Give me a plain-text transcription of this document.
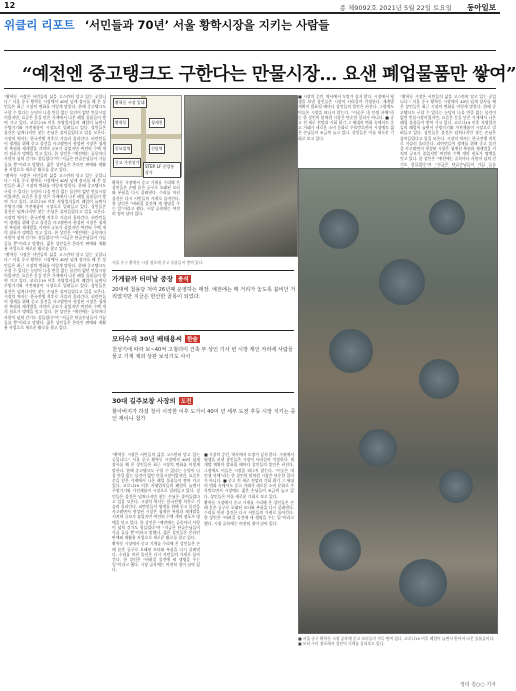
12	종 제9092호 2021년 5월 22일 토요일 동아일보
위클리 리포트 ‘서민들과 70년’ 서울 황학시장을 지키는 사람들
“예전엔 중고탱크도 구한다는 만물시장… 요샌 폐업물품만 쌓여”

“황학동 시장은 서민들의 삶을 고스란히 담고 있는 곳입니다.” 서울 중구 황학동 시장에서 40년 넘게 장사를 해 온 상인들은 최근 시장의 변화를 이렇게 말한다. 한때 중고탱크도 구할 수 있다는 농담이 나올 만큼 없는 물건이 없던 만물시장이었지만, 요즘은 문을 닫은 가게에서 나온 폐업 물품들이 쌓여 가고 있다. 코로나19 이후 자영업자들의 폐업이 늘면서 주방기기와 가전제품이 시장으로 밀려들고 있다. 상인들은 물건은 넘쳐나지만 찾는 손님은 줄어들었다고 입을 모은다. 시장의 역사는 한국전쟁 직후로 거슬러 올라간다. 피란민들이 생계를 위해 중고 물건을 사고팔면서 형성된 시장은 청계천 복원과 재개발을 거치며 규모가 줄었지만 여전히 수백 개의 점포가 명맥을 잇고 있다. 한 상인은 “예전에는 골목마다 사람이 넘쳐 걷기도 힘들었다”며 “지금은 단골손님들이 가끔 들를 뿐”이라고 말했다. 젊은 상인들은 온라인 판매와 재활용 사업으로 새로운 활로를 찾고 있다.

“황학동 시장은 서민들의 삶을 고스란히 담고 있는 곳입니다.” 서울 중구 황학동 시장에서 40년 넘게 장사를 해 온 상인들은 최근 시장의 변화를 이렇게 말한다. 한때 중고탱크도 구할 수 있다는 농담이 나올 만큼 없는 물건이 없던 만물시장이었지만, 요즘은 문을 닫은 가게에서 나온 폐업 물품들이 쌓여 가고 있다. 코로나19 이후 자영업자들의 폐업이 늘면서 주방기기와 가전제품이 시장으로 밀려들고 있다. 상인들은 물건은 넘쳐나지만 찾는 손님은 줄어들었다고 입을 모은다. 시장의 역사는 한국전쟁 직후로 거슬러 올라간다. 피란민들이 생계를 위해 중고 물건을 사고팔면서 형성된 시장은 청계천 복원과 재개발을 거치며 규모가 줄었지만 여전히 수백 개의 점포가 명맥을 잇고 있다. 한 상인은 “예전에는 골목마다 사람이 넘쳐 걷기도 힘들었다”며 “지금은 단골손님들이 가끔 들를 뿐”이라고 말했다. 젊은 상인들은 온라인 판매와 재활용 사업으로 새로운 활로를 찾고 있다.

“황학동 시장은 서민들의 삶을 고스란히 담고 있는 곳입니다.” 서울 중구 황학동 시장에서 40년 넘게 장사를 해 온 상인들은 최근 시장의 변화를 이렇게 말한다. 한때 중고탱크도 구할 수 있다는 농담이 나올 만큼 없는 물건이 없던 만물시장이었지만, 요즘은 문을 닫은 가게에서 나온 폐업 물품들이 쌓여 가고 있다. 코로나19 이후 자영업자들의 폐업이 늘면서 주방기기와 가전제품이 시장으로 밀려들고 있다. 상인들은 물건은 넘쳐나지만 찾는 손님은 줄어들었다고 입을 모은다. 시장의 역사는 한국전쟁 직후로 거슬러 올라간다. 피란민들이 생계를 위해 중고 물건을 사고팔면서 형성된 시장은 청계천 복원과 재개발을 거치며 규모가 줄었지만 여전히 수백 개의 점포가 명맥을 잇고 있다. 한 상인은 “예전에는 골목마다 사람이 넘쳐 걷기도 힘들었다”며 “지금은 단골손님들이 가끔 들를 뿐”이라고 말했다. 젊은 상인들은 온라인 판매와 재활용 사업으로 새로운 활로를 찾고 있다.

황학동 시장 일대
황학동	청계천
동묘앞역	신당역
중고 가전상가
STEP. LF 중앙통 상가
서울 중구 황학동 시장 점포에 중고 물품들이 쌓여 있다.

황학동 시장에서 중고 기계를 수리해 온 상인들은 손때 묻은 공구로 오래된 모터와 부품을 다시 살려낸다. 수리를 마친 물건은 다시 서민들의 가게로 돌아간다. 한 상인은 “버려질 물건에 새 생명을 주는 일”이라고 했다. 시장 골목에는 여전히 정이 남아 있다.

가게끝까 터미날 중장 충석
20대에 첨용당 처여 26년째 운영하는 매장. 예전에는 매 거리가 놓도록 붐비던 거리였지만 지금은 한산한 골목이 되었다.
모터수리 30년 배태용씨 한술
천성기에 따라 보~40억 고철더미 건축 부 상인 기사 빈 시장 재인 자리에 사람들 물고 기계 제외 상관 보석기도 사사
30대 길주보창 사장의 도전
할아버지가 하셨 청사 시작한 이후 도가이 40여 년 세부 도전 후등 시장 지키는 중인 재이니 첨가

“황학동 시장은 서민들의 삶을 고스란히 담고 있는 곳입니다.” 서울 중구 황학동 시장에서 40년 넘게 장사를 해 온 상인들은 최근 시장의 변화를 이렇게 말한다. 한때 중고탱크도 구할 수 있다는 농담이 나올 만큼 없는 물건이 없던 만물시장이었지만, 요즘은 문을 닫은 가게에서 나온 폐업 물품들이 쌓여 가고 있다. 코로나19 이후 자영업자들의 폐업이 늘면서 주방기기와 가전제품이 시장으로 밀려들고 있다. 상인들은 물건은 넘쳐나지만 찾는 손님은 줄어들었다고 입을 모은다. 시장의 역사는 한국전쟁 직후로 거슬러 올라간다. 피란민들이 생계를 위해 중고 물건을 사고팔면서 형성된 시장은 청계천 복원과 재개발을 거치며 규모가 줄었지만 여전히 수백 개의 점포가 명맥을 잇고 있다. 한 상인은 “예전에는 골목마다 사람이 넘쳐 걷기도 힘들었다”며 “지금은 단골손님들이 가끔 들를 뿐”이라고 말했다. 젊은 상인들은 온라인 판매와 재활용 사업으로 새로운 활로를 찾고 있다.

황학동 시장에서 중고 기계를 수리해 온 상인들은 손때 묻은 공구로 오래된 모터와 부품을 다시 살려낸다. 수리를 마친 물건은 다시 서민들의 가게로 돌아간다. 한 상인은 “버려질 물건에 새 생명을 주는 일”이라고 했다. 시장 골목에는 여전히 정이 남아 있다.

■ 시장의 증인, 역사에서 도망가 싶지 않다. 시장에서 평생을 보낸 상인들은 시장이 사라질까 걱정한다. 재개발 계획이 발표될 때마다 상인들의 불안은 커진다. 그럼에도 이들은 시장을 떠나지 않는다. “이곳은 내 인생 자체”라는 한 상인의 말처럼 시장은 단순한 일터가 아니다. ■ 중고 전 새로 전망과 기회 위기 그 세대의 변화 속에서도 중고 거래가 새로운 소비 문화로 주목받으면서 시장에도 젊은 손님들이 조금씩 늘고 있다. 상인들은 이를 새로운 기회로 보고 있다.

황학동 시장에서 중고 기계를 수리해 온 상인들은 손때 묻은 공구로 오래된 모터와 부품을 다시 살려낸다. 수리를 마친 물건은 다시 서민들의 가게로 돌아간다. 한 상인은 “버려질 물건에 새 생명을 주는 일”이라고 했다. 시장 골목에는 여전히 정이 남아 있다.

■ 시장의 증인, 역사에서 도망가 싶지 않다. 시장에서 평생을 보낸 상인들은 시장이 사라질까 걱정한다. 재개발 계획이 발표될 때마다 상인들의 불안은 커진다. 그럼에도 이들은 시장을 떠나지 않는다. “이곳은 내 인생 자체”라는 한 상인의 말처럼 시장은 단순한 일터가 아니다. ■ 중고 전 새로 전망과 기회 위기 그 세대의 변화 속에서도 중고 거래가 새로운 소비 문화로 주목받으면서 시장에도 젊은 손님들이 조금씩 늘고 있다. 상인들은 이를 새로운 기회로 보고 있다.

“황학동 시장은 서민들의 삶을 고스란히 담고 있는 곳입니다.” 서울 중구 황학동 시장에서 40년 넘게 장사를 해 온 상인들은 최근 시장의 변화를 이렇게 말한다. 한때 중고탱크도 구할 수 있다는 농담이 나올 만큼 없는 물건이 없던 만물시장이었지만, 요즘은 문을 닫은 가게에서 나온 폐업 물품들이 쌓여 가고 있다. 코로나19 이후 자영업자들의 폐업이 늘면서 주방기기와 가전제품이 시장으로 밀려들고 있다. 상인들은 물건은 넘쳐나지만 찾는 손님은 줄어들었다고 입을 모은다. 시장의 역사는 한국전쟁 직후로 거슬러 올라간다. 피란민들이 생계를 위해 중고 물건을 사고팔면서 형성된 시장은 청계천 복원과 재개발을 거치며 규모가 줄었지만 여전히 수백 개의 점포가 명맥을 잇고 있다. 한 상인은 “예전에는 골목마다 사람이 넘쳐 걷기도 힘들었다”며 “지금은 단골손님들이 가끔 들를

■ 서울 중구 황학동 시장 골목에 중고 모터들이 가득 쌓여 있다. 코로나19 이후 폐업이 늘면서 쏟아져 나온 물품들이다. ■ 모터 수리 점포에서 상인이 기계를 살펴보고 있다.
정리 김○○ 기자
